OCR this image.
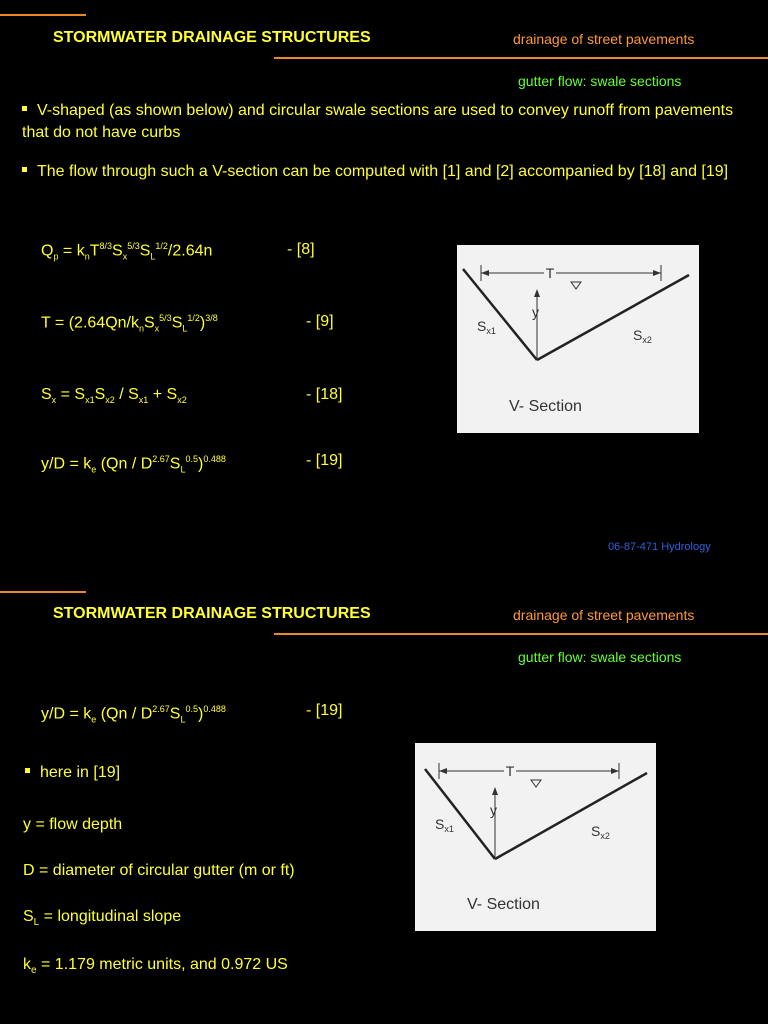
STORMWATER DRAINAGE STRUCTURES	drainage of street pavements
gutter flow: swale sections
V-shaped (as shown below) and circular swale sections are used to convey runoff from pavements that do not have curbs
The flow through such a V-section can be computed with [1] and [2] accompanied by [18] and [19]
$Q_p = k_nT^{8/3}S_x^{5/3}S_L^{1/2}/2.64n$	- [8]
$T = (2.64Qn/k_nS_x^{5/3}S_L^{1/2})^{3/8}$	- [9]
$S_x = S_{x1}S_{x2} / S_{x1} + S_{x2}$	- [18]
$y/D = k_e$ $(Qn / D^{2.67}S_L^{0.5})^{0.488}$	- [19]
T
y
$S_{x1}$	$S_{x2}$
V- Section
06-87-471 Hydrology
STORMWATER DRAINAGE STRUCTURES	drainage of street pavements
gutter flow: swale sections
$y/D = k_e$ $(Qn / D^{2.67}S_L^{0.5})^{0.488}$	- [19]
here in [19]
y = flow depth
D = diameter of circular gutter (m or ft)
$S_L$ = longitudinal slope
$k_e = 1.179$ metric units, and 0.972 US
T
y
$S_{x1}$	$S_{x2}$
V- Section
